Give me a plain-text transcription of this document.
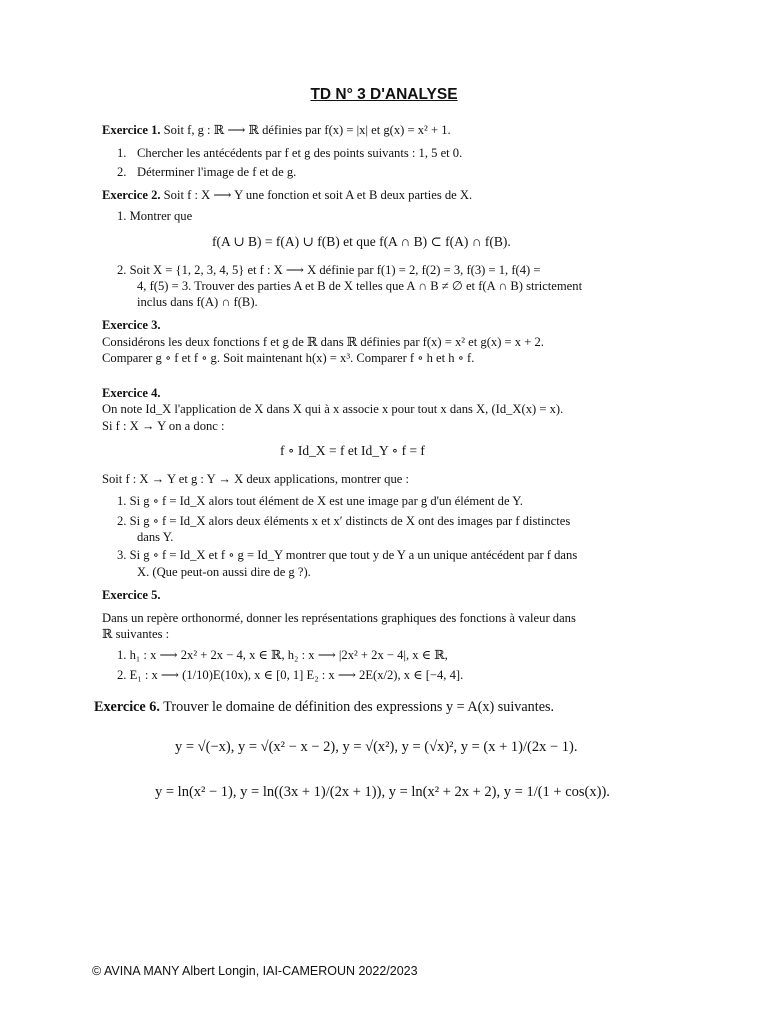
TD N° 3 D'ANALYSE
Exercice 1. Soit f, g : ℝ ⟶ ℝ définies par f(x) = |x| et g(x) = x² + 1.
1. Chercher les antécédents par f et g des points suivants : 1, 5 et 0.
2. Déterminer l'image de f et de g.
Exercice 2. Soit f : X ⟶ Y une fonction et soit A et B deux parties de X.
1. Montrer que
f(A ∪ B) = f(A) ∪ f(B) et que f(A ∩ B) ⊂ f(A) ∩ f(B).
2. Soit X = {1, 2, 3, 4, 5} et f : X ⟶ X définie par f(1) = 2, f(2) = 3, f(3) = 1, f(4) =
4, f(5) = 3. Trouver des parties A et B de X telles que A ∩ B ≠ ∅ et f(A ∩ B) strictement
inclus dans f(A) ∩ f(B).
Exercice 3.
Considérons les deux fonctions f et g de ℝ dans ℝ définies par f(x) = x² et g(x) = x + 2.
Comparer g ∘ f et f ∘ g. Soit maintenant h(x) = x³. Comparer f ∘ h et h ∘ f.
Exercice 4.
On note Id_X l'application de X dans X qui à x associe x pour tout x dans X, (Id_X(x) = x).
Si f : X → Y on a donc :
f ∘ Id_X = f et Id_Y ∘ f = f
Soit f : X → Y et g : Y → X deux applications, montrer que :
1. Si g ∘ f = Id_X alors tout élément de X est une image par g d'un élément de Y.
2. Si g ∘ f = Id_X alors deux éléments x et x′ distincts de X ont des images par f distinctes
dans Y.
3. Si g ∘ f = Id_X et f ∘ g = Id_Y montrer que tout y de Y a un unique antécédent par f dans
X. (Que peut-on aussi dire de g ?).
Exercice 5.
Dans un repère orthonormé, donner les représentations graphiques des fonctions à valeur dans
ℝ suivantes :
1. h₁ : x ⟶ 2x² + 2x − 4, x ∈ ℝ, h₂ : x ⟶ |2x² + 2x − 4|, x ∈ ℝ,
2. E₁ : x ⟶ (1/10)E(10x), x ∈ [0, 1] E₂ : x ⟶ 2E(x/2), x ∈ [−4, 4].
Exercice 6. Trouver le domaine de définition des expressions y = A(x) suivantes.
y = √(−x), y = √(x² − x − 2), y = √(x²), y = (√x)², y = (x + 1)/(2x − 1).
y = ln(x² − 1), y = ln((3x + 1)/(2x + 1)), y = ln(x² + 2x + 2), y = 1/(1 + cos(x)).
© AVINA MANY Albert Longin, IAI-CAMEROUN 2022/2023
